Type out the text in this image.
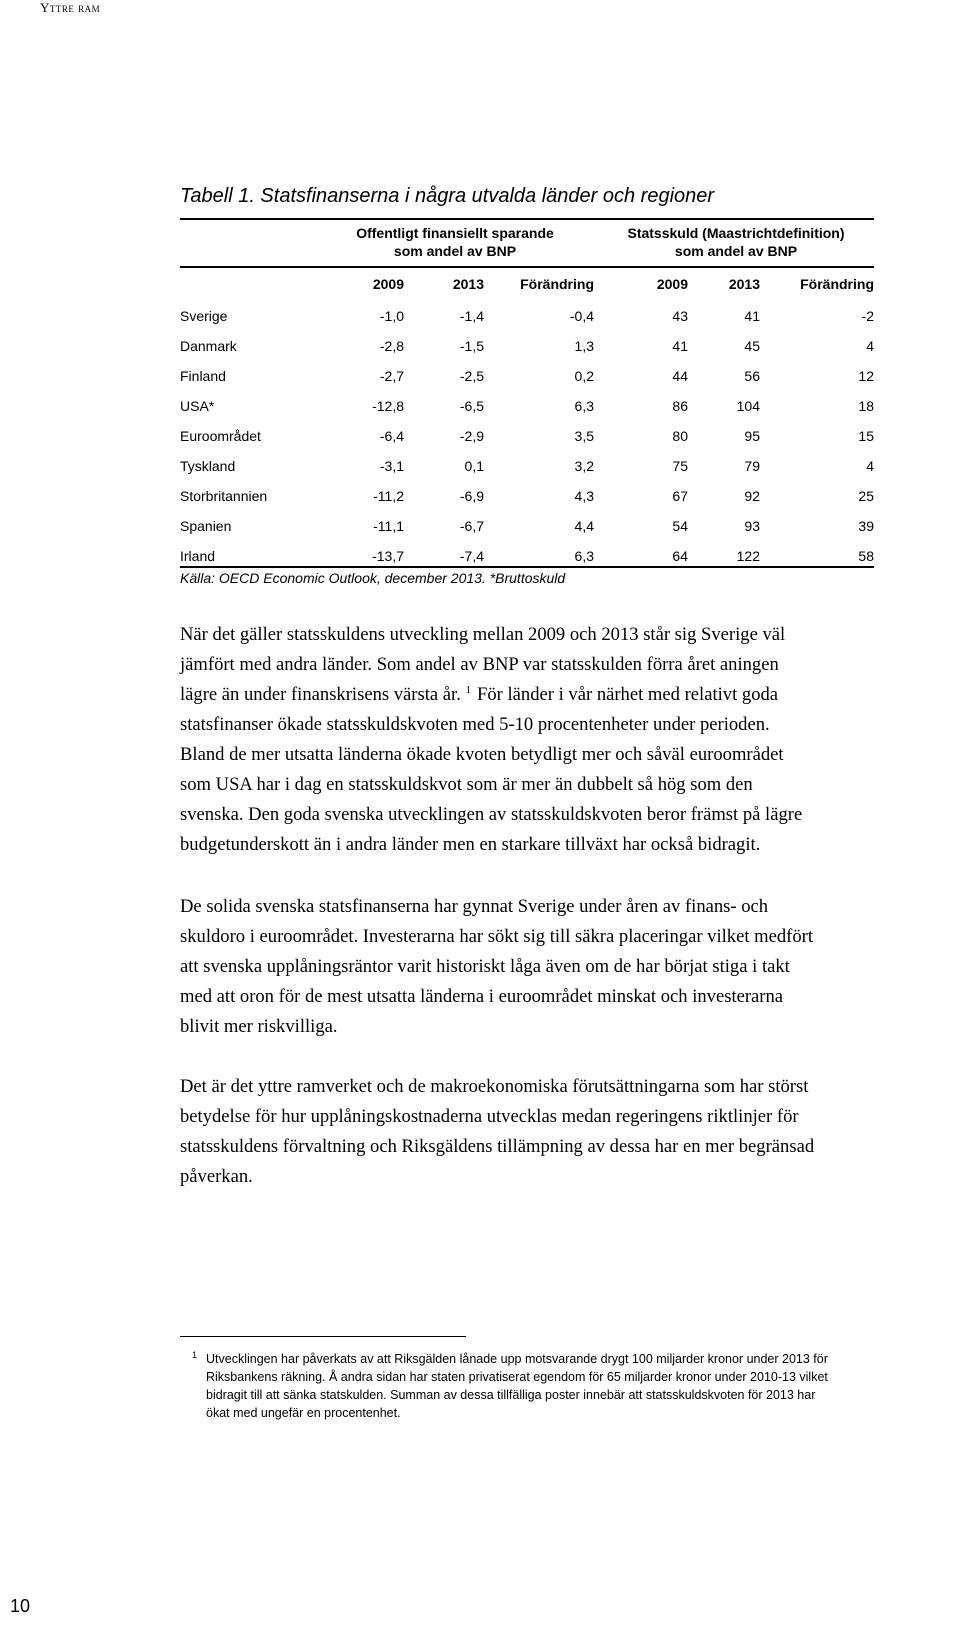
Yttre ram
Tabell 1. Statsfinanserna i några utvalda länder och regioner
Offentligt finansiellt sparande
som andel av BNP
Statsskuld (Maastrichtdefinition)
som andel av BNP
2009	2013	Förändring	2009	2013	Förändring
Sverige	-1,0	-1,4	-0,4	43	41	-2
Danmark	-2,8	-1,5	1,3	41	45	4
Finland	-2,7	-2,5	0,2	44	56	12
USA*	-12,8	-6,5	6,3	86	104	18
Euroområdet	-6,4	-2,9	3,5	80	95	15
Tyskland	-3,1	0,1	3,2	75	79	4
Storbritannien	-11,2	-6,9	4,3	67	92	25
Spanien	-11,1	-6,7	4,4	54	93	39
Irland	-13,7	-7,4	6,3	64	122	58
Källa: OECD Economic Outlook, december 2013. *Bruttoskuld
När det gäller statsskuldens utveckling mellan 2009 och 2013 står sig Sverige väl
jämfört med andra länder. Som andel av BNP var statsskulden förra året aningen
lägre än under finanskrisens värsta år. $^1$ För länder i vår närhet med relativt goda
statsfinanser ökade statsskuldskvoten med 5-10 procentenheter under perioden.
Bland de mer utsatta länderna ökade kvoten betydligt mer och såväl euroområdet
som USA har i dag en statsskuldskvot som är mer än dubbelt så hög som den
svenska. Den goda svenska utvecklingen av statsskuldskvoten beror främst på lägre
budgetunderskott än i andra länder men en starkare tillväxt har också bidragit.
De solida svenska statsfinanserna har gynnat Sverige under åren av finans- och
skuldoro i euroområdet. Investerarna har sökt sig till säkra placeringar vilket medfört
att svenska upplåningsräntor varit historiskt låga även om de har börjat stiga i takt
med att oron för de mest utsatta länderna i euroområdet minskat och investerarna
blivit mer riskvilliga.
Det är det yttre ramverket och de makroekonomiska förutsättningarna som har störst
betydelse för hur upplåningskostnaderna utvecklas medan regeringens riktlinjer för
statsskuldens förvaltning och Riksgäldens tillämpning av dessa har en mer begränsad
påverkan.
1 Utvecklingen har påverkats av att Riksgälden lånade upp motsvarande drygt 100 miljarder kronor under 2013 för
Riksbankens räkning. Å andra sidan har staten privatiserat egendom för 65 miljarder kronor under 2010-13 vilket
bidragit till att sänka statskulden. Summan av dessa tillfälliga poster innebär att statsskuldskvoten för 2013 har
ökat med ungefär en procentenhet.
10
